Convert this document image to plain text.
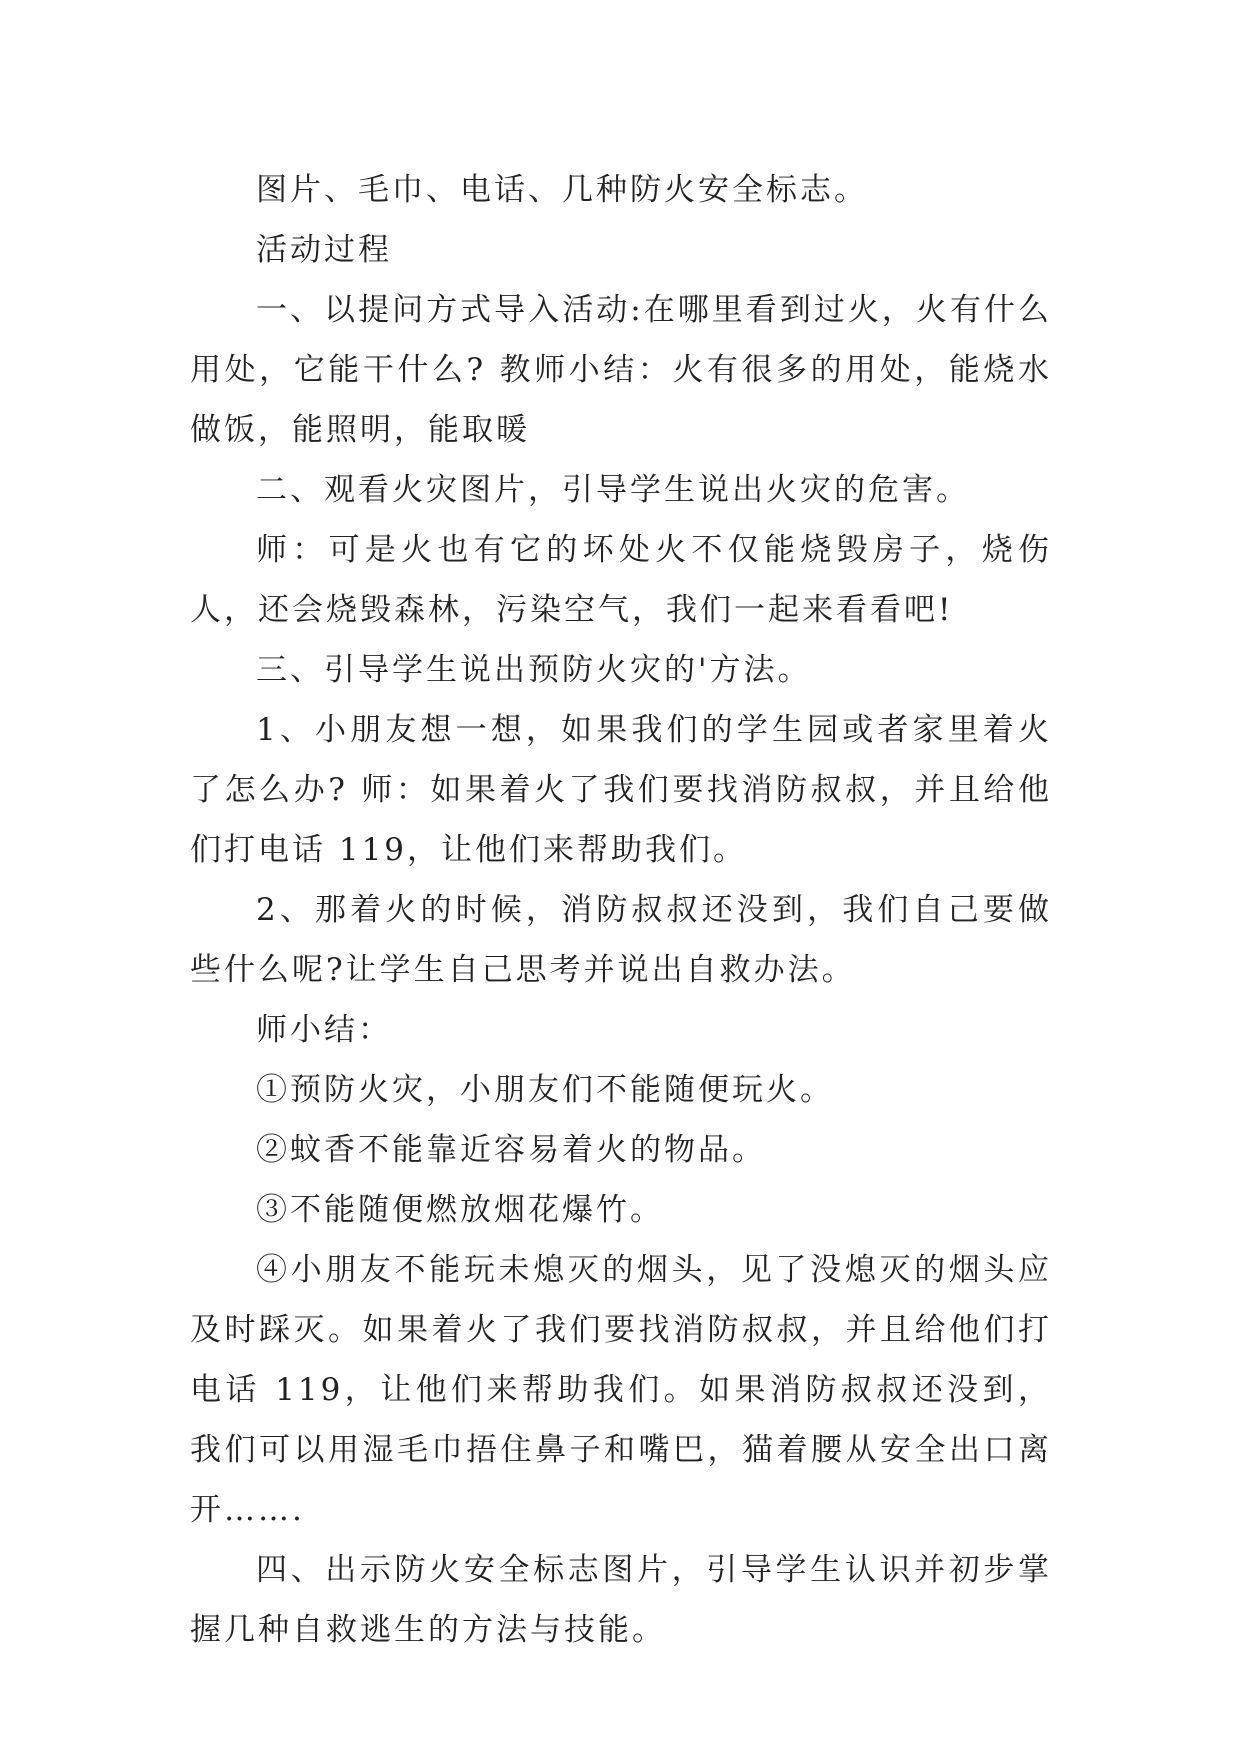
图片、毛巾、电话、几种防火安全标志。

活动过程

一、以提问方式导入活动:在哪里看到过火，火有什么用处，它能干什么? 教师小结：火有很多的用处，能烧水做饭，能照明，能取暖

二、观看火灾图片，引导学生说出火灾的危害。

师：可是火也有它的坏处火不仅能烧毁房子，烧伤人，还会烧毁森林，污染空气，我们一起来看看吧!

三、引导学生说出预防火灾的'方法。

1、小朋友想一想，如果我们的学生园或者家里着火了怎么办? 师：如果着火了我们要找消防叔叔，并且给他们打电话 119，让他们来帮助我们。

2、那着火的时候，消防叔叔还没到，我们自己要做些什么呢?让学生自己思考并说出自救办法。

师小结：

①预防火灾，小朋友们不能随便玩火。

②蚊香不能靠近容易着火的物品。

③不能随便燃放烟花爆竹。

④小朋友不能玩未熄灭的烟头，见了没熄灭的烟头应及时踩灭。如果着火了我们要找消防叔叔，并且给他们打电话 119，让他们来帮助我们。如果消防叔叔还没到，我们可以用湿毛巾捂住鼻子和嘴巴，猫着腰从安全出口离开…….

四、出示防火安全标志图片，引导学生认识并初步掌握几种自救逃生的方法与技能。
